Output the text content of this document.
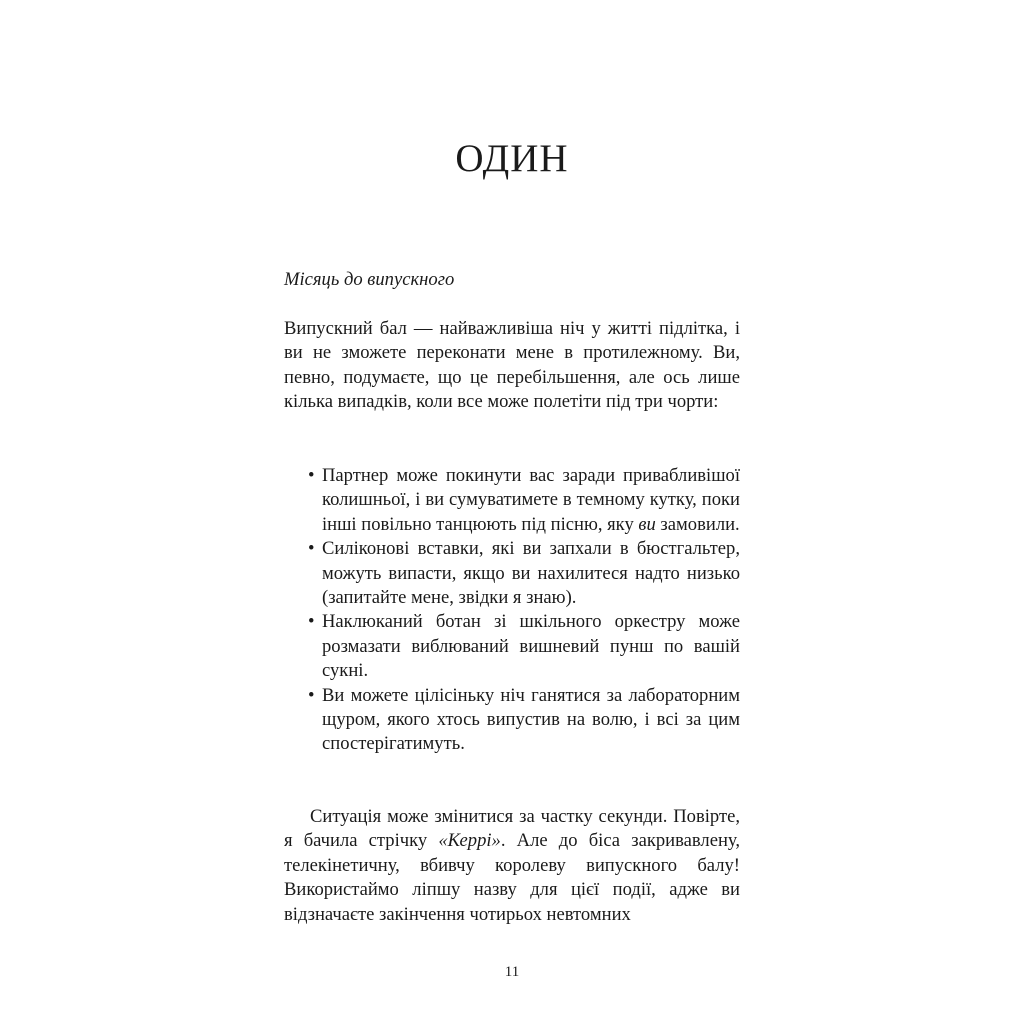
ОДИН
Місяць до випускного

Випускний бал — найважливіша ніч у житті підлітка, і ви не зможете переконати мене в протилежному. Ви, певно, подумаєте, що це перебільшення, але ось лише кілька випадків, коли все може полетіти під три чорти:

• Партнер може покинути вас заради привабливішої колишньої, і ви сумуватимете в темному кутку, поки інші повільно танцюють під пісню, яку ви замовили.
• Силіконові вставки, які ви запхали в бюстгальтер, можуть випасти, якщо ви нахилитеся надто низько (запитайте мене, звідки я знаю).
• Наклюканий ботан зі шкільного оркестру може розмазати виблюваний вишневий пунш по вашій сукні.
• Ви можете цілісіньку ніч ганятися за лабораторним щуром, якого хтось випустив на волю, і всі за цим спостерігатимуть.

Ситуація може змінитися за частку секунди. Повірте, я бачила стрічку «Керрі». Але до біса закривавлену, телекінетичну, вбивчу королеву випускного балу! Використаймо ліпшу назву для цієї події, адже ви відзначаєте закінчення чотирьох невтомних

11
